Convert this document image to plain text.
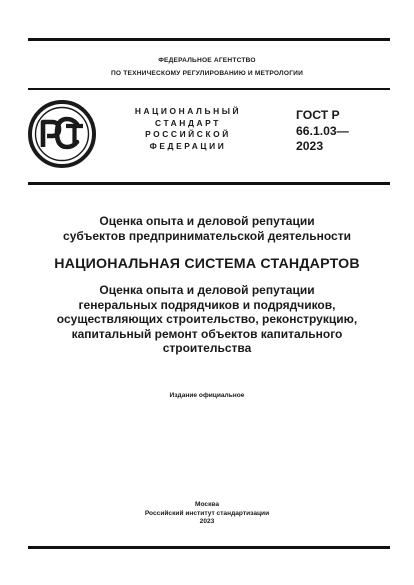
ФЕДЕРАЛЬНОЕ АГЕНТСТВО
ПО ТЕХНИЧЕСКОМУ РЕГУЛИРОВАНИЮ И МЕТРОЛОГИИ
НАЦИОНАЛЬНЫЙ
СТАНДАРТ
РОССИЙСКОЙ
ФЕДЕРАЦИИ
ГОСТ Р
66.1.03—
2023
Оценка опыта и деловой репутации
субъектов предпринимательской деятельности
НАЦИОНАЛЬНАЯ СИСТЕМА СТАНДАРТОВ
Оценка опыта и деловой репутации
генеральных подрядчиков и подрядчиков,
осуществляющих строительство, реконструкцию,
капитальный ремонт объектов капитального
строительства
Издание официальное
Москва
Российский институт стандартизации
2023
